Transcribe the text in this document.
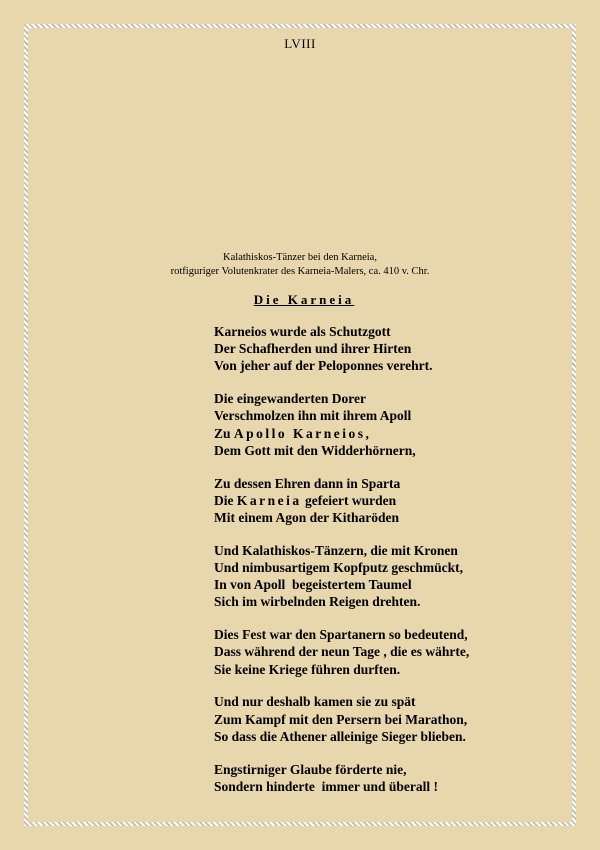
LVIII
Kalathiskos-Tänzer bei den Karneia,
rotfiguriger Volutenkrater des Karneia-Malers, ca. 410 v. Chr.
Die Karneia
Karneios wurde als Schutzgott
Der Schafherden und ihrer Hirten
Von jeher auf der Peloponnes verehrt.
Die eingewanderten Dorer
Verschmolzen ihn mit ihrem Apoll
Zu Apollo Karneios,
Dem Gott mit den Widderhörnern,
Zu dessen Ehren dann in Sparta
Die Karneia gefeiert wurden
Mit einem Agon der Kitharöden
Und Kalathiskos-Tänzern, die mit Kronen
Und nimbusartigem Kopfputz geschmückt,
In von Apoll  begeistertem Taumel
Sich im wirbelnden Reigen drehten.
Dies Fest war den Spartanern so bedeutend,
Dass während der neun Tage , die es währte,
Sie keine Kriege führen durften.
Und nur deshalb kamen sie zu spät
Zum Kampf mit den Persern bei Marathon,
So dass die Athener alleinige Sieger blieben.
Engstirniger Glaube förderte nie,
Sondern hinderte  immer und überall !
